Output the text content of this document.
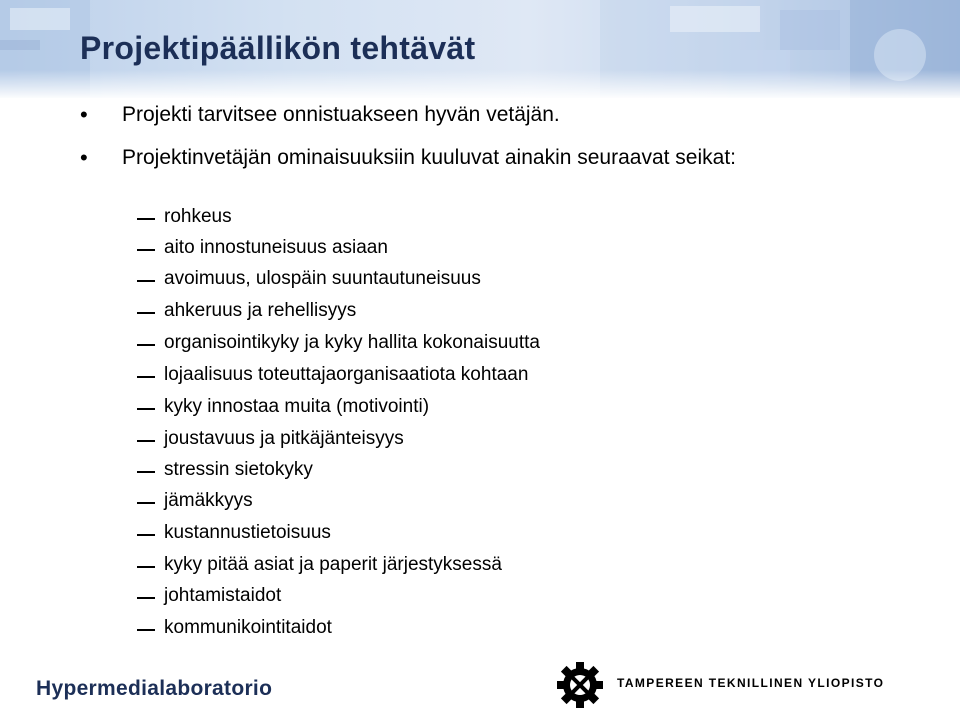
Projektipäällikön tehtävät
• Projekti tarvitsee onnistuakseen hyvän vetäjän.
• Projektinvetäjän ominaisuuksiin kuuluvat ainakin seuraavat seikat:
rohkeus
aito innostuneisuus asiaan
avoimuus, ulospäin suuntautuneisuus
ahkeruus ja rehellisyys
organisointikyky ja kyky hallita kokonaisuutta
lojaalisuus toteuttajaorganisaatiota kohtaan
kyky innostaa muita (motivointi)
joustavuus ja pitkäjänteisyys
stressin sietokyky
jämäkkyys
kustannustietoisuus
kyky pitää asiat ja paperit järjestyksessä
johtamistaidot
kommunikointitaidot
Hypermedialaboratorio	TAMPEREEN TEKNILLINEN YLIOPISTO
